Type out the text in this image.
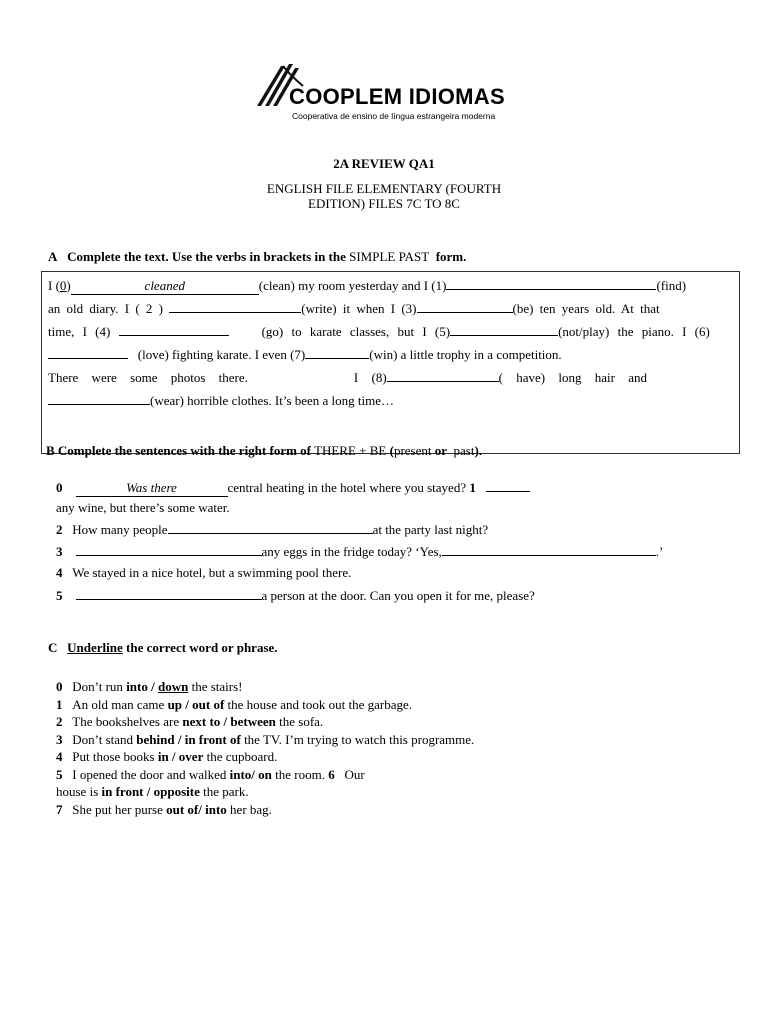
COOPLEM IDIOMAS
Cooperativa de ensino de língua estrangeira moderna
2A REVIEW QA1
ENGLISH FILE ELEMENTARY (FOURTH
EDITION) FILES 7C TO 8C
A Complete the text. Use the verbs in brackets in the SIMPLE PAST form.
I (0)	cleaned	(clean) my room yesterday and I (1)	(find)
an old diary. I ( 2 )	(write) it when I (3)	(be) ten years old. At that
time, I (4)	(go) to karate classes, but I (5)	(not/play) the piano. I (6)
(love) fighting karate. I even (7)	(win) a little trophy in a competition.
There were some photos there.	I (8)	( have) long hair and
(wear) horrible clothes. It’s been a long time…
B Complete the sentences with the right form of THERE + BE (present or past).
0	Was there	central heating in the hotel where you stayed? 1
any wine, but there’s some water.
2 How many people	at the party last night?
3	any eggs in the fridge today? ‘Yes,	.’
4 We stayed in a nice hotel, but a swimming pool there.
5	a person at the door. Can you open it for me, please?
C Underline the correct word or phrase.
0 Don’t run into / down the stairs!
1 An old man came up / out of the house and took out the garbage.
2 The bookshelves are next to / between the sofa.
3 Don’t stand behind / in front of the TV. I’m trying to watch this programme.
4 Put those books in / over the cupboard.
5 I opened the door and walked into/ on the room. 6 Our
house is in front / opposite the park.
7 She put her purse out of/ into her bag.
